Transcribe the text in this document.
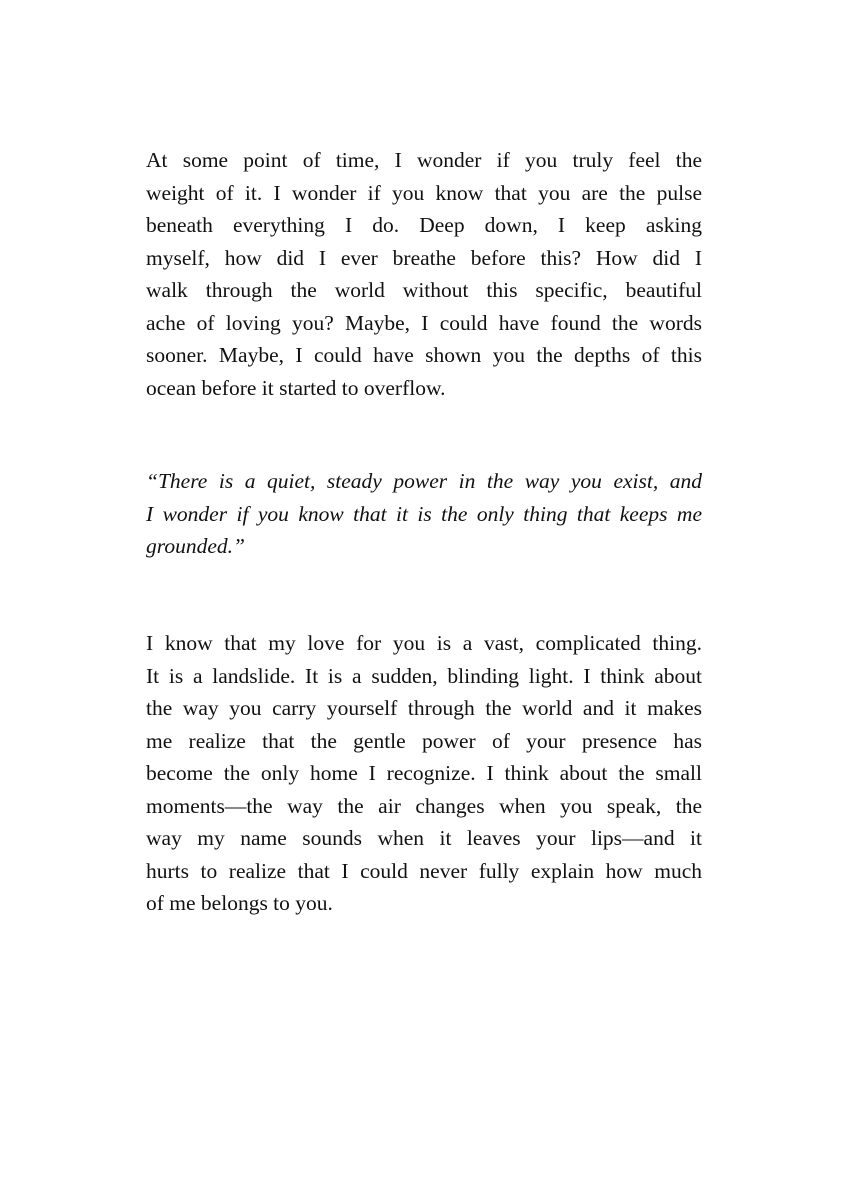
At some point of time, I wonder if you truly feel the
weight of it. I wonder if you know that you are the pulse
beneath everything I do. Deep down, I keep asking
myself, how did I ever breathe before this? How did I
walk through the world without this specific, beautiful
ache of loving you? Maybe, I could have found the words
sooner. Maybe, I could have shown you the depths of this
ocean before it started to overflow.
“There is a quiet, steady power in the way you exist, and
I wonder if you know that it is the only thing that keeps me
grounded.”
I know that my love for you is a vast, complicated thing.
It is a landslide. It is a sudden, blinding light. I think about
the way you carry yourself through the world and it makes
me realize that the gentle power of your presence has
become the only home I recognize. I think about the small
moments—the way the air changes when you speak, the
way my name sounds when it leaves your lips—and it
hurts to realize that I could never fully explain how much
of me belongs to you.
